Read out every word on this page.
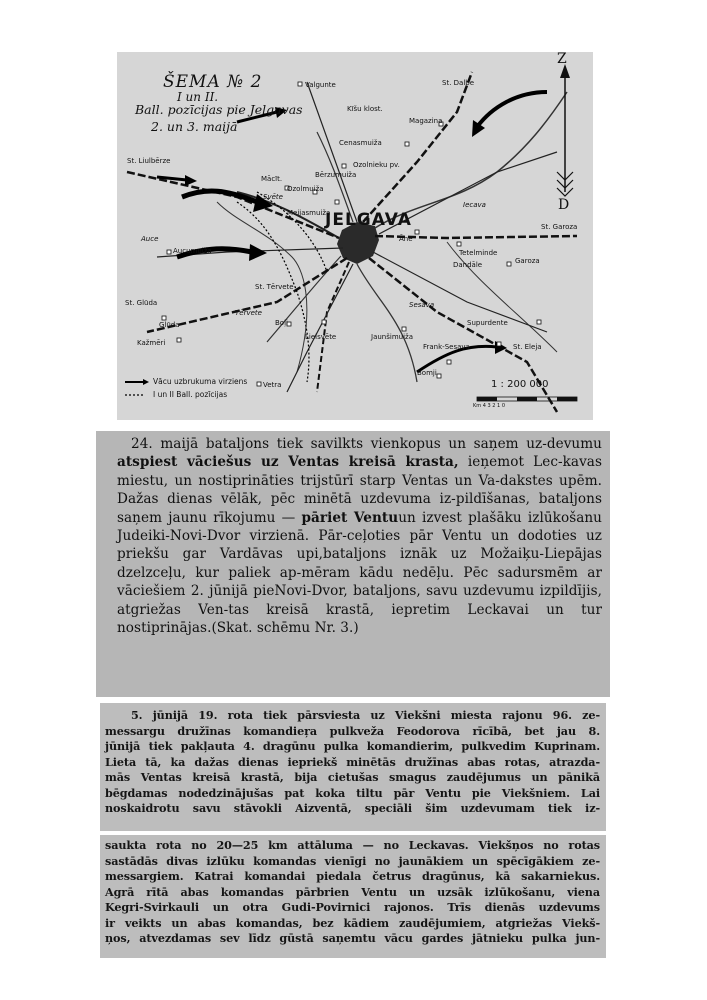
ŠEMA № 2
I un II.
Ball. pozīcijas pie Jelgavas
2. un 3. maijā
Z
D
JELGAVA
Valgunte
Kīšu klost.
St. Dalbe
Magazina
Cenasmuiža
Ozolnieku pv.
Bērzumuiža
St. Liulbērze
Mācīt.
Ozolmuiža
Svēte
Meijasmuiža
Iecava
St. Garoza
Āne
Tetelminde
Dandāle	Garoza
Auce
Aucumuiža
St. Tērvete
Tērvete
St. Glūda
Glūda
Kažmēri
Boļi
Lielsvēte	Jaunšimuiža
Sesava
Supurdente
Frank-Sesava	St. Eleja
Bomji
Vetra
Vācu uzbrukuma virziens
I un II Ball. pozīcijas
1 : 200 000
Km 4 3 2 1 0

24. maijā bataljons tiek savilkts vienkopus un saņem uz-devumu atspiest vāciešus uz Ventas kreisā krasta, ieņemot Lec-kavas miestu, un nostiprināties trijstūrī starp Ventas un Va-dakstes upēm. Dažas dienas vēlāk, pēc minētā uzdevuma iz-pildīšanas, bataljons saņem jaunu rīkojumu — pāriet Ventuun izvest plašāku izlūkošanu Judeiki-Novi-Dvor virzienā. Pār-ceļoties pār Ventu un dodoties uz priekšu gar Vardāvas upi,bataljons iznāk uz Možaiķu-Liepājas dzelzceļu, kur paliek ap-mēram kādu nedēļu. Pēc sadursmēm ar vāciešiem 2. jūnijā pieNovi-Dvor, bataljons, savu uzdevumu izpildījis, atgriežas Ven-tas kreisā krastā, iepretim Leckavai un tur nostiprinājas.(Skat. schēmu Nr. 3.)

5. jūnijā 19. rota tiek pārsviesta uz Viekšni miesta rajonu 96. ze-
messargu družīnas komandieŗa pulkveža Feodorova rīcībā, bet jau 8.
jūnijā tiek pakļauta 4. dragūnu pulka komandierim, pulkvedim Kuprinam.
Lieta tā, ka dažas dienas iepriekš minētās družīnas abas rotas, atrazda-
mās Ventas kreisā krastā, bija cietušas smagus zaudējumus un pānikā
bēgdamas nodedzinājušas pat koka tiltu pār Ventu pie Viekšniem. Lai
noskaidrotu savu stāvokli Aizventā, speciāli šim uzdevumam tiek iz-

saukta rota no 20—25 km attāluma — no Leckavas. Viekšņos no rotas
sastādās divas izlūku komandas vienīgi no jaunākiem un spēcīgākiem ze-
messargiem. Katrai komandai piedala četrus dragūnus, kā sakarniekus.
Agrā rītā abas komandas pārbrien Ventu un uzsāk izlūkošanu, viena
Kegri-Svirkauli un otra Gudi-Povirnici rajonos. Trīs dienās uzdevums
ir veikts un abas komandas, bez kādiem zaudējumiem, atgriežas Viekš-
ņos, atvezdamas sev līdz gūstā saņemtu vācu gardes jātnieku pulka jun-
